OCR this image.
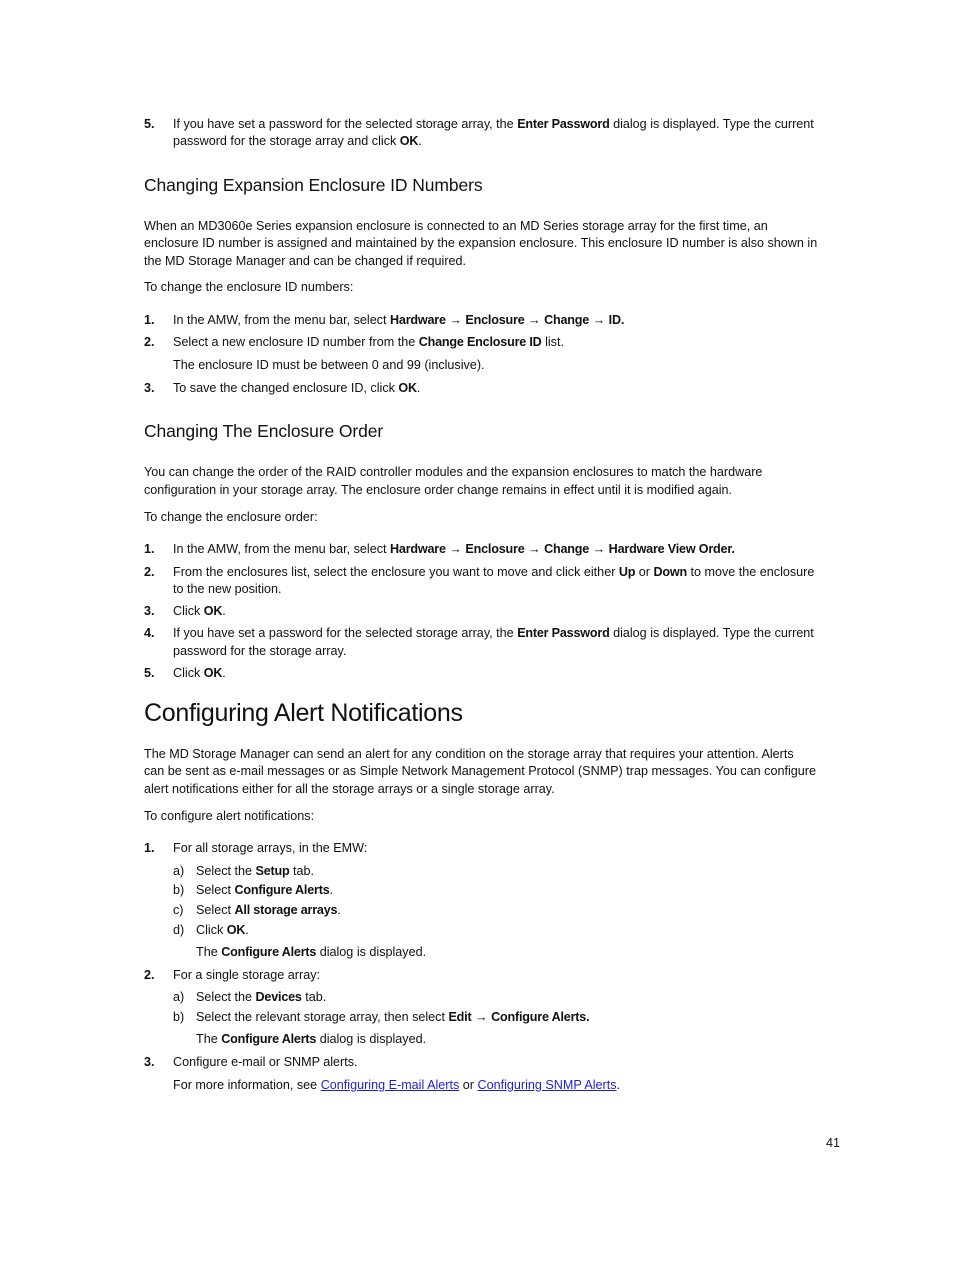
5. If you have set a password for the selected storage array, the Enter Password dialog is displayed. Type the current
password for the storage array and click OK.
Changing Expansion Enclosure ID Numbers
When an MD3060e Series expansion enclosure is connected to an MD Series storage array for the first time, an
enclosure ID number is assigned and maintained by the expansion enclosure. This enclosure ID number is also shown in
the MD Storage Manager and can be changed if required.
To change the enclosure ID numbers:
1. In the AMW, from the menu bar, select Hardware → Enclosure → Change → ID.
2. Select a new enclosure ID number from the Change Enclosure ID list.
The enclosure ID must be between 0 and 99 (inclusive).
3. To save the changed enclosure ID, click OK.
Changing The Enclosure Order
You can change the order of the RAID controller modules and the expansion enclosures to match the hardware
configuration in your storage array. The enclosure order change remains in effect until it is modified again.
To change the enclosure order:
1. In the AMW, from the menu bar, select Hardware → Enclosure → Change → Hardware View Order.
2. From the enclosures list, select the enclosure you want to move and click either Up or Down to move the enclosure
to the new position.
3. Click OK.
4. If you have set a password for the selected storage array, the Enter Password dialog is displayed. Type the current
password for the storage array.
5. Click OK.
Configuring Alert Notifications
The MD Storage Manager can send an alert for any condition on the storage array that requires your attention. Alerts
can be sent as e-mail messages or as Simple Network Management Protocol (SNMP) trap messages. You can configure
alert notifications either for all the storage arrays or a single storage array.
To configure alert notifications:
1. For all storage arrays, in the EMW:
a) Select the Setup tab.
b) Select Configure Alerts.
c) Select All storage arrays.
d) Click OK.
The Configure Alerts dialog is displayed.
2. For a single storage array:
a) Select the Devices tab.
b) Select the relevant storage array, then select Edit → Configure Alerts.
The Configure Alerts dialog is displayed.
3. Configure e-mail or SNMP alerts.
For more information, see Configuring E-mail Alerts or Configuring SNMP Alerts.
41
